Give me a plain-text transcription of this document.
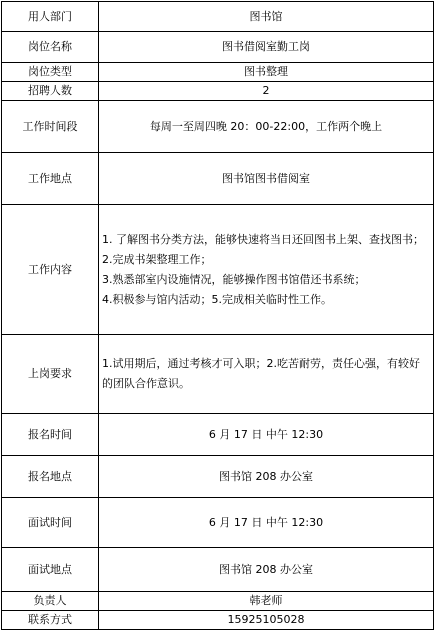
用人部门	图书馆
岗位名称	图书借阅室勤工岗
岗位类型	图书整理
招聘人数	2
工作时间段	每周一至周四晚 20：00-22:00，工作两个晚上
工作地点	图书馆图书借阅室
工作内容	1. 了解图书分类方法，能够快速将当日还回图书上架、查找图书；
2.完成书架整理工作；
3.熟悉部室内设施情况，能够操作图书馆借还书系统；
4.积极参与馆内活动；5.完成相关临时性工作。

上岗要求	1.试用期后，通过考核才可入职；2.吃苦耐劳，责任心强，有较好的团队合作意识。
报名时间	6 月 17 日 中午 12:30
报名地点	图书馆 208 办公室
面试时间	6 月 17 日 中午 12:30
面试地点	图书馆 208 办公室
负责人	韩老师
联系方式	15925105028
